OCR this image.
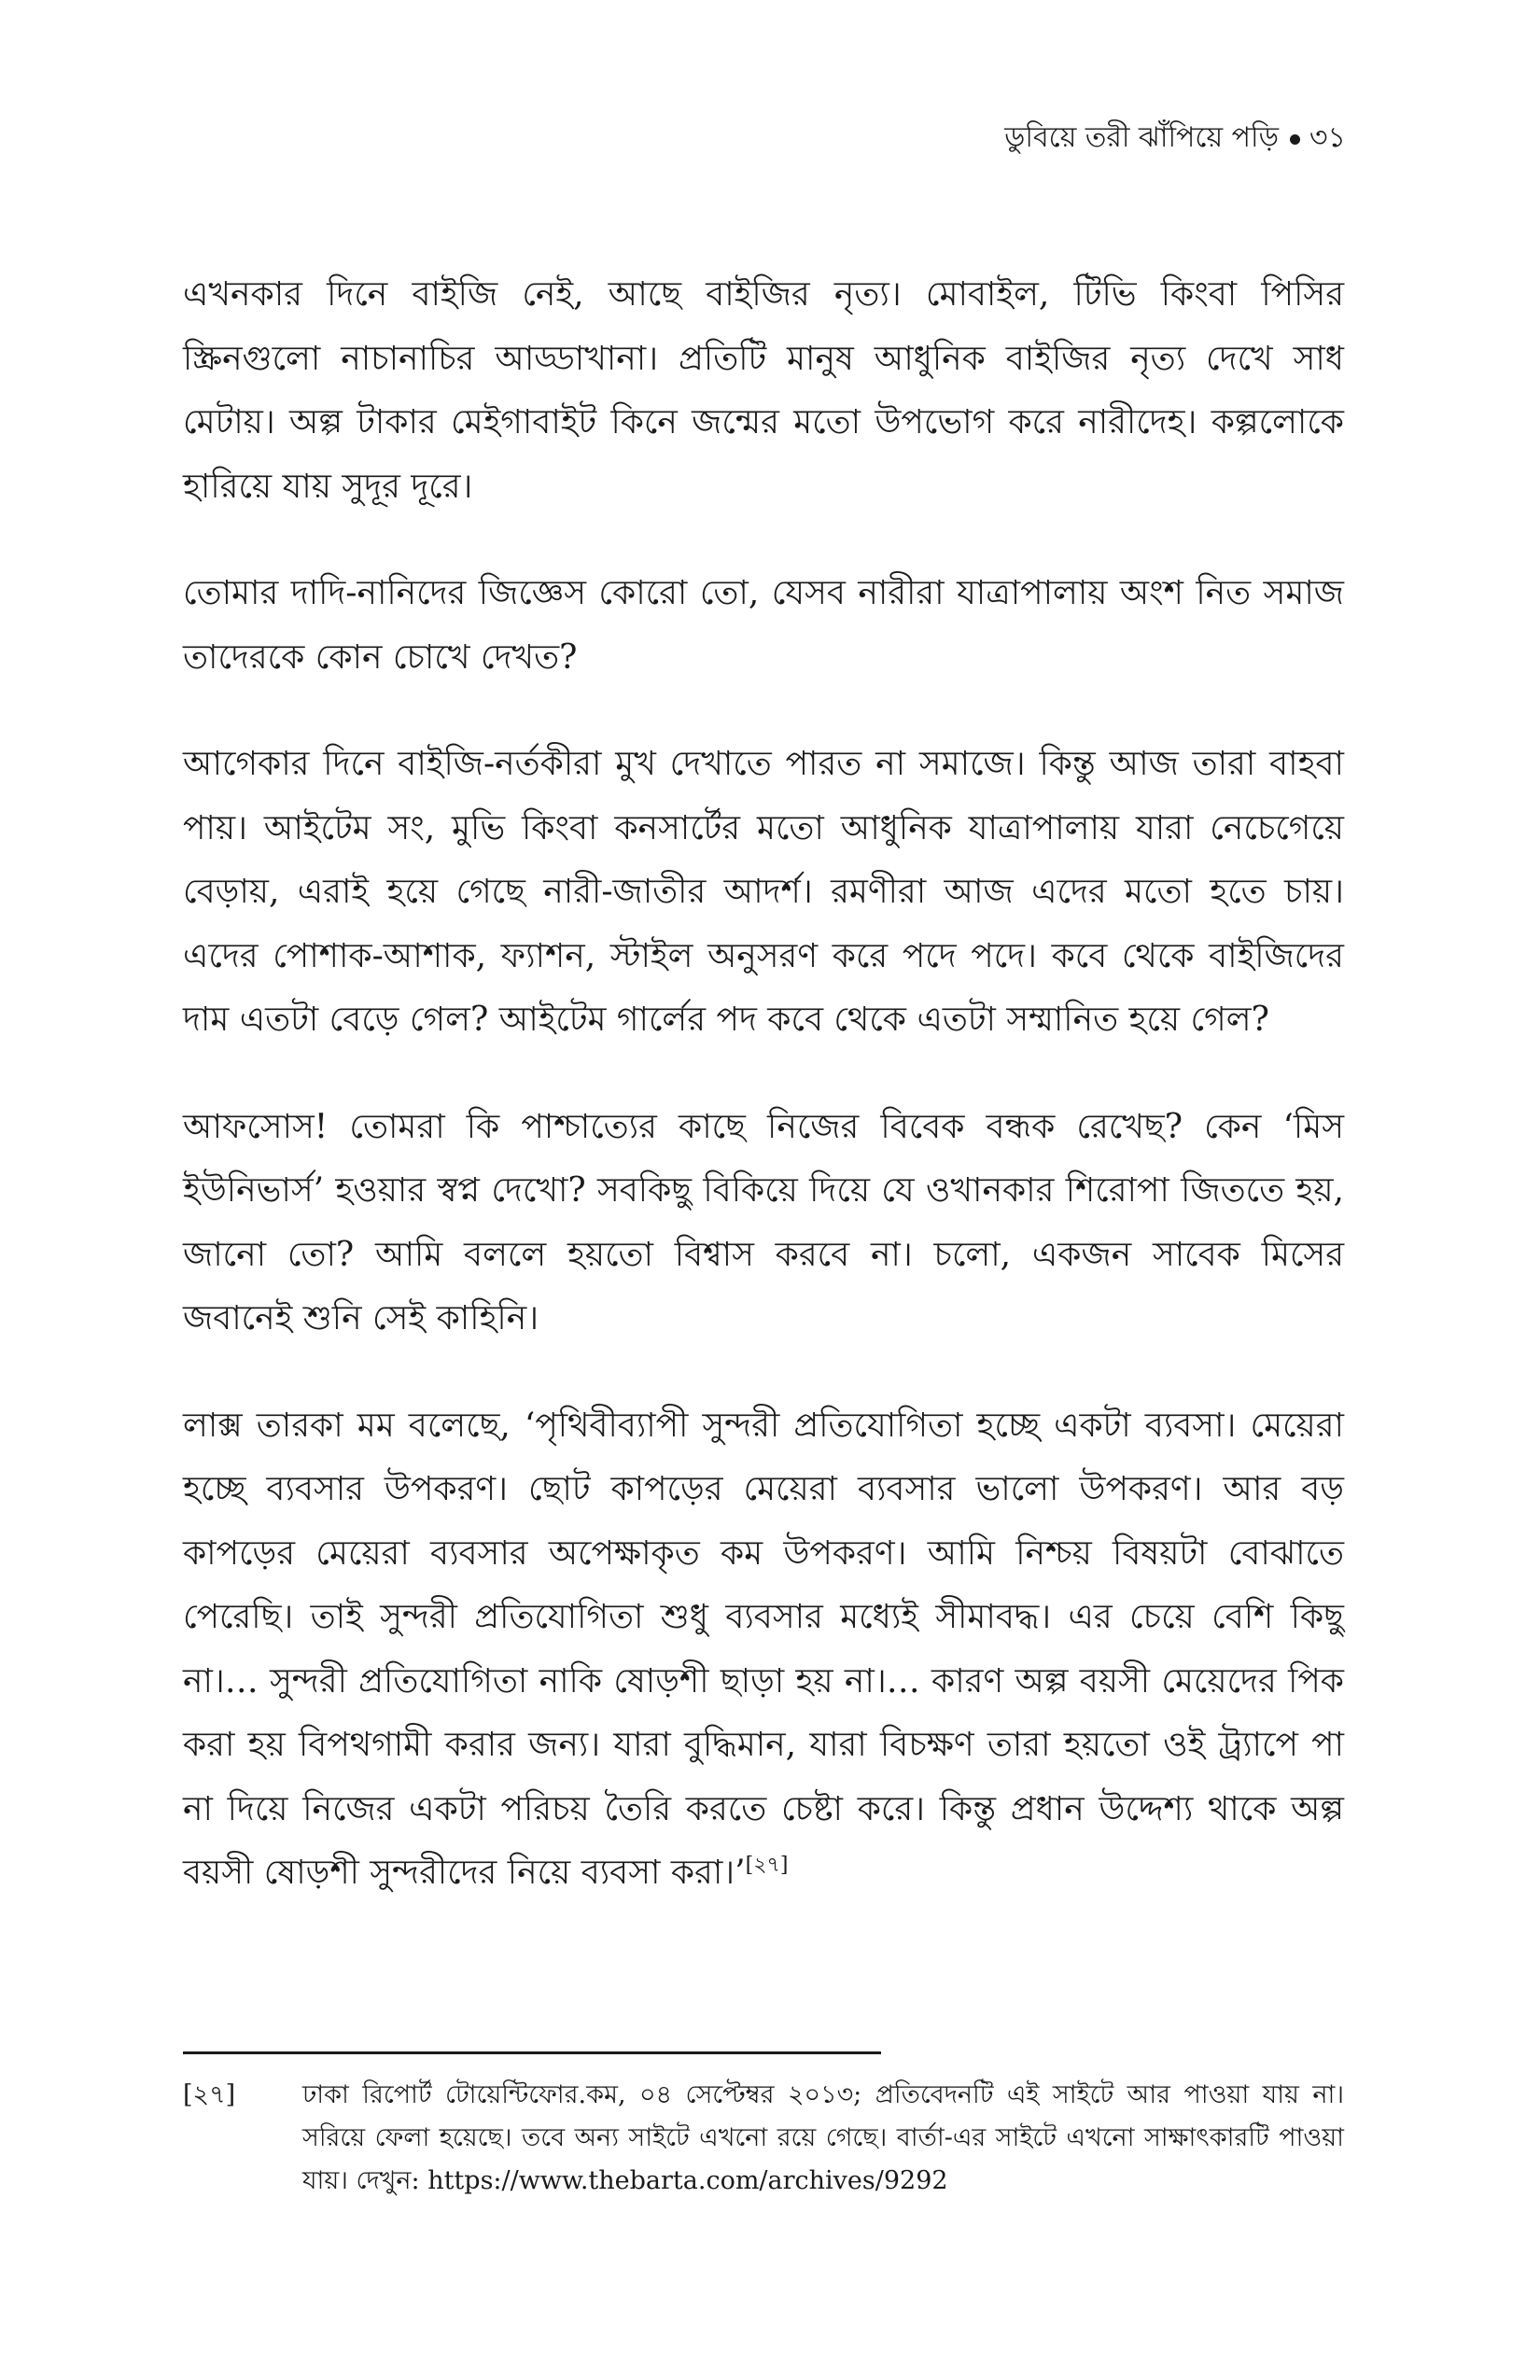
ডুবিয়ে তরী ঝাঁপিয়ে পড়ি ৩১

এখনকার দিনে বাইজি নেই, আছে বাইজির নৃত্য। মোবাইল, টিভি কিংবা পিসির স্ক্রিনগুলো নাচানাচির আড্ডাখানা। প্রতিটি মানুষ আধুনিক বাইজির নৃত্য দেখে সাধ মেটায়। অল্প টাকার মেইগাবাইট কিনে জন্মের মতো উপভোগ করে নারীদেহ। কল্পলোকে হারিয়ে যায় সুদূর দূরে।

তোমার দাদি-নানিদের জিজ্ঞেস কোরো তো, যেসব নারীরা যাত্রাপালায় অংশ নিত সমাজ তাদেরকে কোন চোখে দেখত?

আগেকার দিনে বাইজি-নর্তকীরা মুখ দেখাতে পারত না সমাজে। কিন্তু আজ তারা বাহবা পায়। আইটেম সং, মুভি কিংবা কনসার্টের মতো আধুনিক যাত্রাপালায় যারা নেচেগেয়ে বেড়ায়, এরাই হয়ে গেছে নারী-জাতীর আদর্শ। রমণীরা আজ এদের মতো হতে চায়। এদের পোশাক-আশাক, ফ্যাশন, স্টাইল অনুসরণ করে পদে পদে। কবে থেকে বাইজিদের দাম এতটা বেড়ে গেল? আইটেম গার্লের পদ কবে থেকে এতটা সম্মানিত হয়ে গেল?

আফসোস! তোমরা কি পাশ্চাত্যের কাছে নিজের বিবেক বন্ধক রেখেছ? কেন ‘মিস ইউনিভার্স’ হওয়ার স্বপ্ন দেখো? সবকিছু বিকিয়ে দিয়ে যে ওখানকার শিরোপা জিততে হয়, জানো তো? আমি বললে হয়তো বিশ্বাস করবে না। চলো, একজন সাবেক মিসের জবানেই শুনি সেই কাহিনি।

লাক্স তারকা মম বলেছে, ‘পৃথিবীব্যাপী সুন্দরী প্রতিযোগিতা হচ্ছে একটা ব্যবসা। মেয়েরা হচ্ছে ব্যবসার উপকরণ। ছোট কাপড়ের মেয়েরা ব্যবসার ভালো উপকরণ। আর বড় কাপড়ের মেয়েরা ব্যবসার অপেক্ষাকৃত কম উপকরণ। আমি নিশ্চয় বিষয়টা বোঝাতে পেরেছি। তাই সুন্দরী প্রতিযোগিতা শুধু ব্যবসার মধ্যেই সীমাবদ্ধ। এর চেয়ে বেশি কিছু না।… সুন্দরী প্রতিযোগিতা নাকি ষোড়শী ছাড়া হয় না।… কারণ অল্প বয়সী মেয়েদের পিক করা হয় বিপথগামী করার জন্য। যারা বুদ্ধিমান, যারা বিচক্ষণ তারা হয়তো ওই ট্র্যাপে পা না দিয়ে নিজের একটা পরিচয় তৈরি করতে চেষ্টা করে। কিন্তু প্রধান উদ্দেশ্য থাকে অল্প বয়সী ষোড়শী সুন্দরীদের নিয়ে ব্যবসা করা।’[২৭]

[২৭]	ঢাকা রিপোর্ট টোয়েন্টিফোর.কম, ০৪ সেপ্টেম্বর ২০১৩; প্রতিবেদনটি এই সাইটে আর পাওয়া যায় না। সরিয়ে ফেলা হয়েছে। তবে অন্য সাইটে এখনো রয়ে গেছে। বার্তা-এর সাইটে এখনো সাক্ষাৎকারটি পাওয়া যায়। দেখুন: https://www.thebarta.com/archives/9292
